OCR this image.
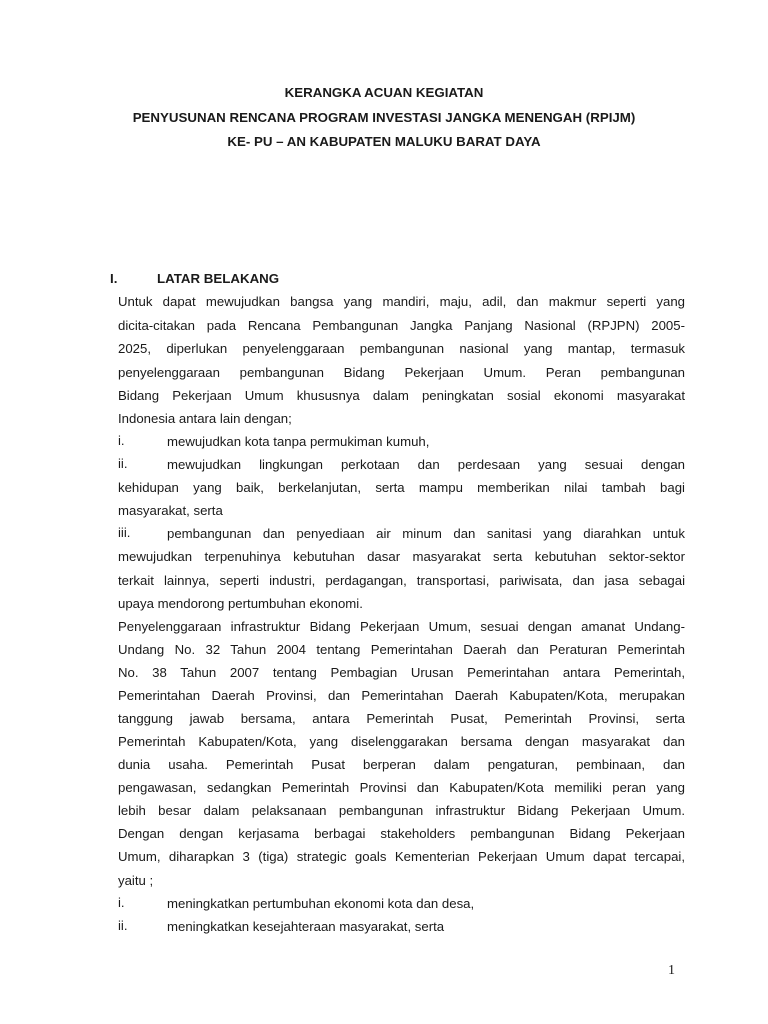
KERANGKA ACUAN KEGIATAN
PENYUSUNAN RENCANA PROGRAM INVESTASI JANGKA MENENGAH (RPIJM)
KE- PU – AN KABUPATEN MALUKU BARAT DAYA
I.	LATAR BELAKANG
Untuk dapat mewujudkan bangsa yang mandiri, maju, adil, dan makmur seperti yang
dicita-citakan pada Rencana Pembangunan Jangka Panjang Nasional (RPJPN) 2005-
2025, diperlukan penyelenggaraan pembangunan nasional yang mantap, termasuk
penyelenggaraan pembangunan Bidang Pekerjaan Umum. Peran pembangunan
Bidang Pekerjaan Umum khususnya dalam peningkatan sosial ekonomi masyarakat
Indonesia antara lain dengan;
i.	mewujudkan kota tanpa permukiman kumuh,
ii.	mewujudkan lingkungan perkotaan dan perdesaan yang sesuai dengan
kehidupan yang baik, berkelanjutan, serta mampu memberikan nilai tambah bagi
masyarakat, serta
iii.	pembangunan dan penyediaan air minum dan sanitasi yang diarahkan untuk
mewujudkan terpenuhinya kebutuhan dasar masyarakat serta kebutuhan sektor-sektor
terkait lainnya, seperti industri, perdagangan, transportasi, pariwisata, dan jasa sebagai
upaya mendorong pertumbuhan ekonomi.
Penyelenggaraan infrastruktur Bidang Pekerjaan Umum, sesuai dengan amanat Undang-
Undang No. 32 Tahun 2004 tentang Pemerintahan Daerah dan Peraturan Pemerintah
No. 38 Tahun 2007 tentang Pembagian Urusan Pemerintahan antara Pemerintah,
Pemerintahan Daerah Provinsi, dan Pemerintahan Daerah Kabupaten/Kota, merupakan
tanggung jawab bersama, antara Pemerintah Pusat, Pemerintah Provinsi, serta
Pemerintah Kabupaten/Kota, yang diselenggarakan bersama dengan masyarakat dan
dunia usaha. Pemerintah Pusat berperan dalam pengaturan, pembinaan, dan
pengawasan, sedangkan Pemerintah Provinsi dan Kabupaten/Kota memiliki peran yang
lebih besar dalam pelaksanaan pembangunan infrastruktur Bidang Pekerjaan Umum.
Dengan dengan kerjasama berbagai stakeholders pembangunan Bidang Pekerjaan
Umum, diharapkan 3 (tiga) strategic goals Kementerian Pekerjaan Umum dapat tercapai,
yaitu ;
i.	meningkatkan pertumbuhan ekonomi kota dan desa,
ii.	meningkatkan kesejahteraan masyarakat, serta
1
